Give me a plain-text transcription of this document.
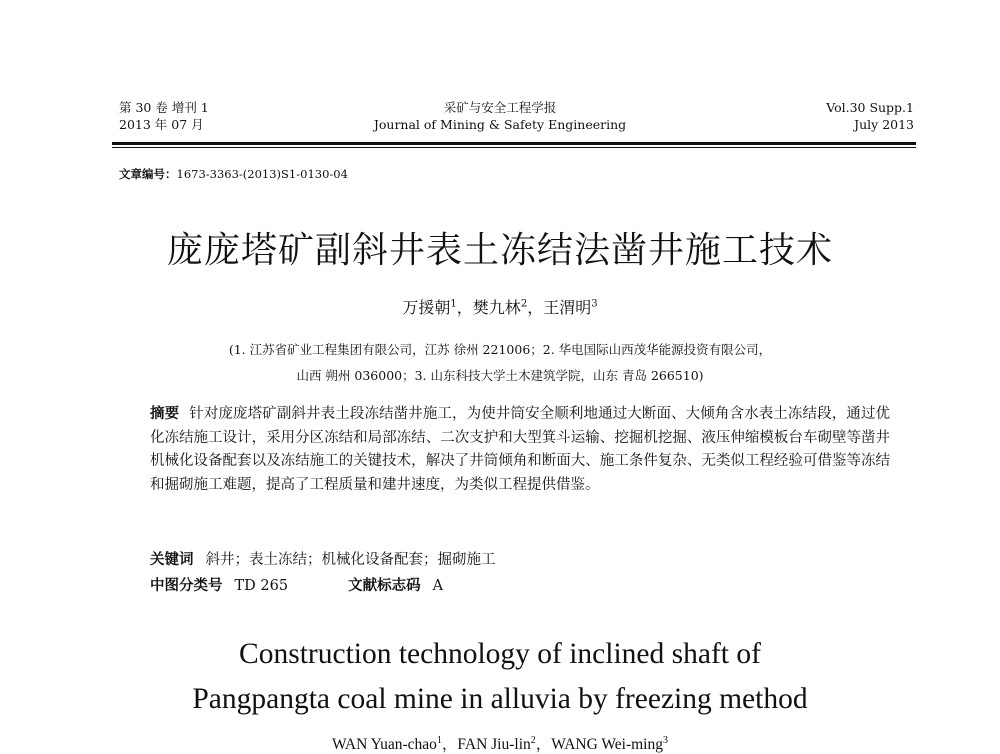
第 30 卷 增刊 1
2013 年 07 月
采矿与安全工程学报
Journal of Mining & Safety Engineering
Vol.30 Supp.1
July 2013
文章编号：1673-3363-(2013)S1-0130-04
庞庞塔矿副斜井表土冻结法凿井施工技术
万援朝$^1$，樊九林$^2$，王渭明$^3$
(1. 江苏省矿业工程集团有限公司，江苏 徐州 221006；2. 华电国际山西茂华能源投资有限公司，
山西 朔州 036000；3. 山东科技大学土木建筑学院，山东 青岛 266510)
摘要 针对庞庞塔矿副斜井表土段冻结凿井施工，为使井筒安全顺利地通过大断面、大倾角含水表土冻结段，通过优化冻结施工设计，采用分区冻结和局部冻结、二次支护和大型箕斗运输、挖掘机挖掘、液压伸缩模板台车砌壁等凿井机械化设备配套以及冻结施工的关键技术，解决了井筒倾角和断面大、施工条件复杂、无类似工程经验可借鉴等冻结和掘砌施工难题，提高了工程质量和建井速度，为类似工程提供借鉴。
关键词 斜井；表土冻结；机械化设备配套；掘砌施工
中图分类号 TD 265	文献标志码 A
Construction technology of inclined shaft of
Pangpangta coal mine in alluvia by freezing method
WAN Yuan-chao$^1$，FAN Jiu-lin$^2$，WANG Wei-ming$^3$
